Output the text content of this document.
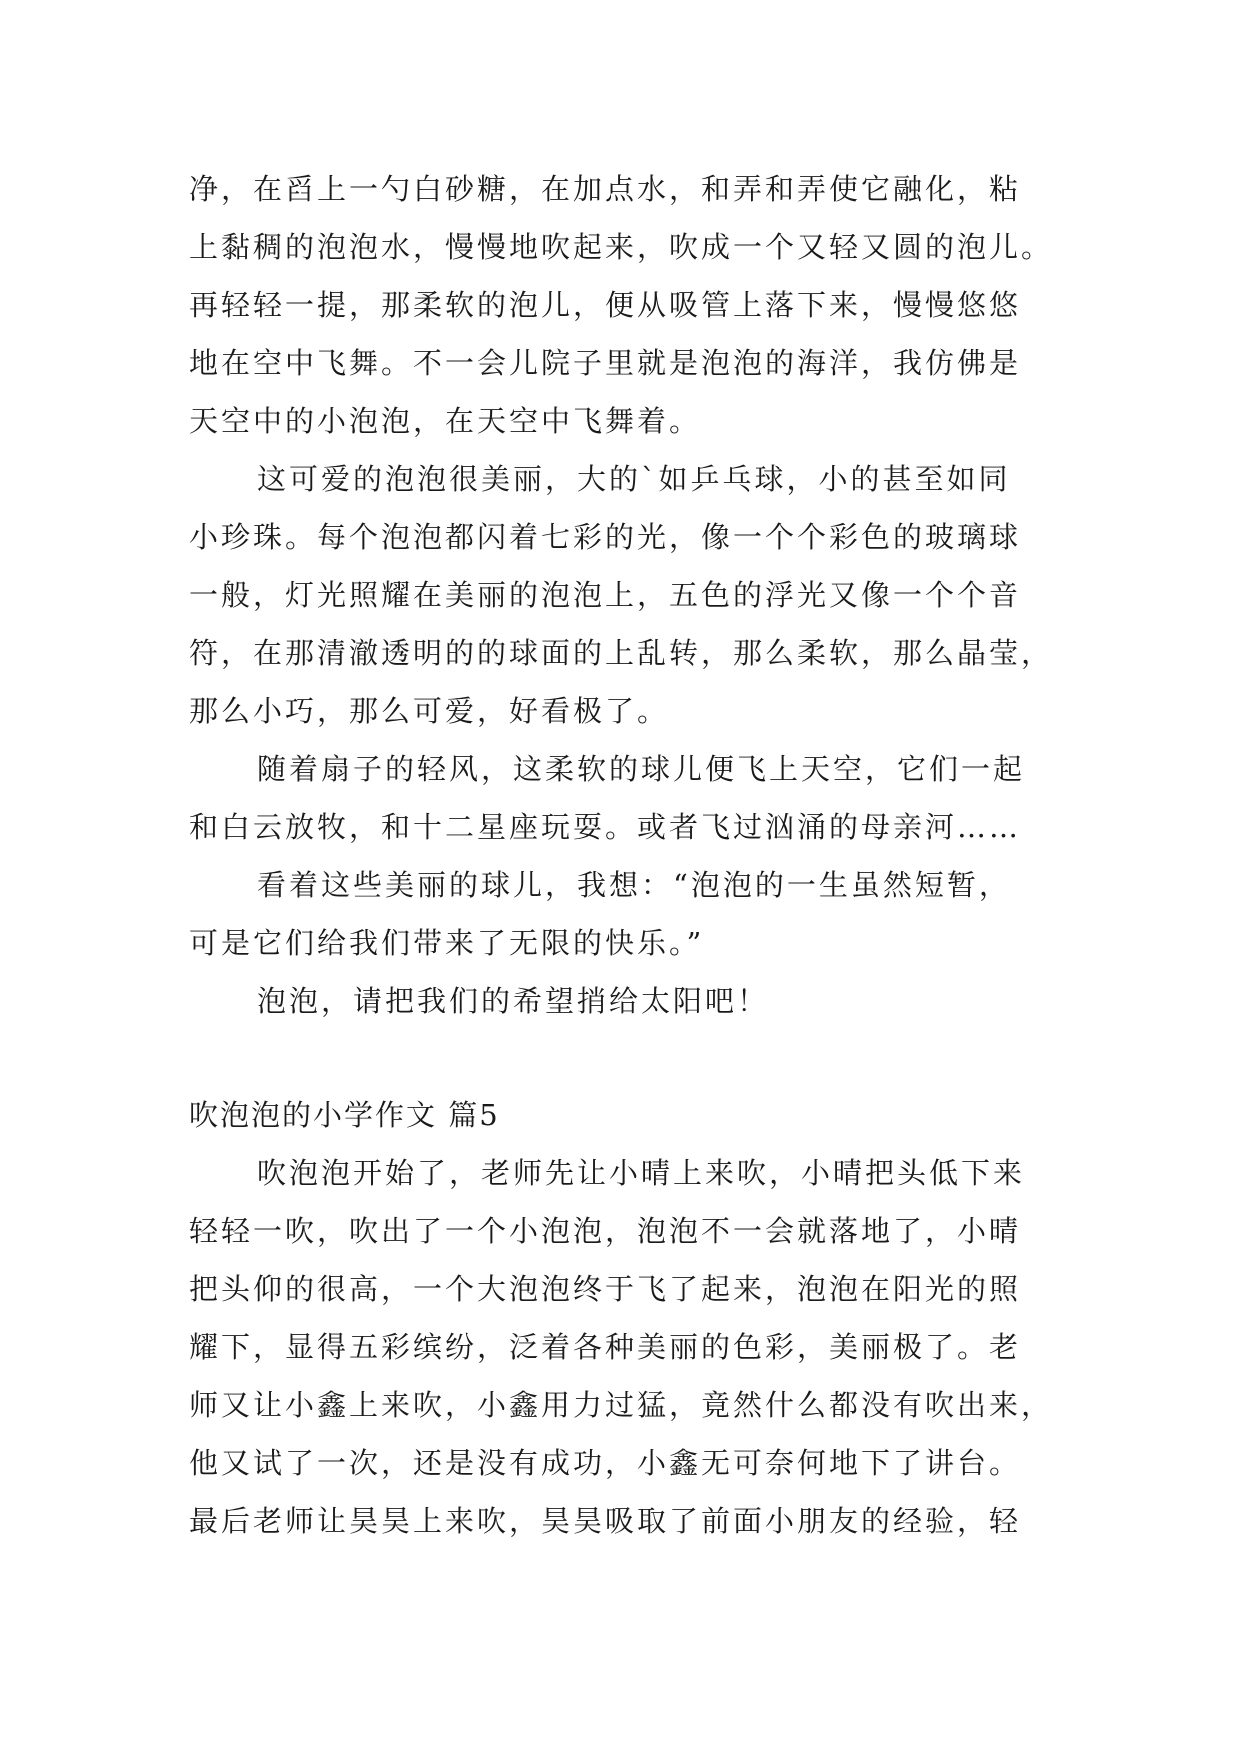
净，在舀上一勺白砂糖，在加点水，和弄和弄使它融化，粘
上黏稠的泡泡水，慢慢地吹起来，吹成一个又轻又圆的泡儿。
再轻轻一提，那柔软的泡儿，便从吸管上落下来，慢慢悠悠
地在空中飞舞。不一会儿院子里就是泡泡的海洋，我仿佛是
天空中的小泡泡，在天空中飞舞着。
这可爱的泡泡很美丽，大的`如乒乓球，小的甚至如同
小珍珠。每个泡泡都闪着七彩的光，像一个个彩色的玻璃球
一般，灯光照耀在美丽的泡泡上，五色的浮光又像一个个音
符，在那清澈透明的的球面的上乱转，那么柔软，那么晶莹，
那么小巧，那么可爱，好看极了。
随着扇子的轻风，这柔软的球儿便飞上天空，它们一起
和白云放牧，和十二星座玩耍。或者飞过汹涌的母亲河……
看着这些美丽的球儿，我想：“泡泡的一生虽然短暂，
可是它们给我们带来了无限的快乐。”
泡泡，请把我们的希望捎给太阳吧！
吹泡泡的小学作文 篇5
吹泡泡开始了，老师先让小晴上来吹，小晴把头低下来
轻轻一吹，吹出了一个小泡泡，泡泡不一会就落地了，小晴
把头仰的很高，一个大泡泡终于飞了起来，泡泡在阳光的照
耀下，显得五彩缤纷，泛着各种美丽的色彩，美丽极了。老
师又让小鑫上来吹，小鑫用力过猛，竟然什么都没有吹出来，
他又试了一次，还是没有成功，小鑫无可奈何地下了讲台。
最后老师让昊昊上来吹，昊昊吸取了前面小朋友的经验，轻
